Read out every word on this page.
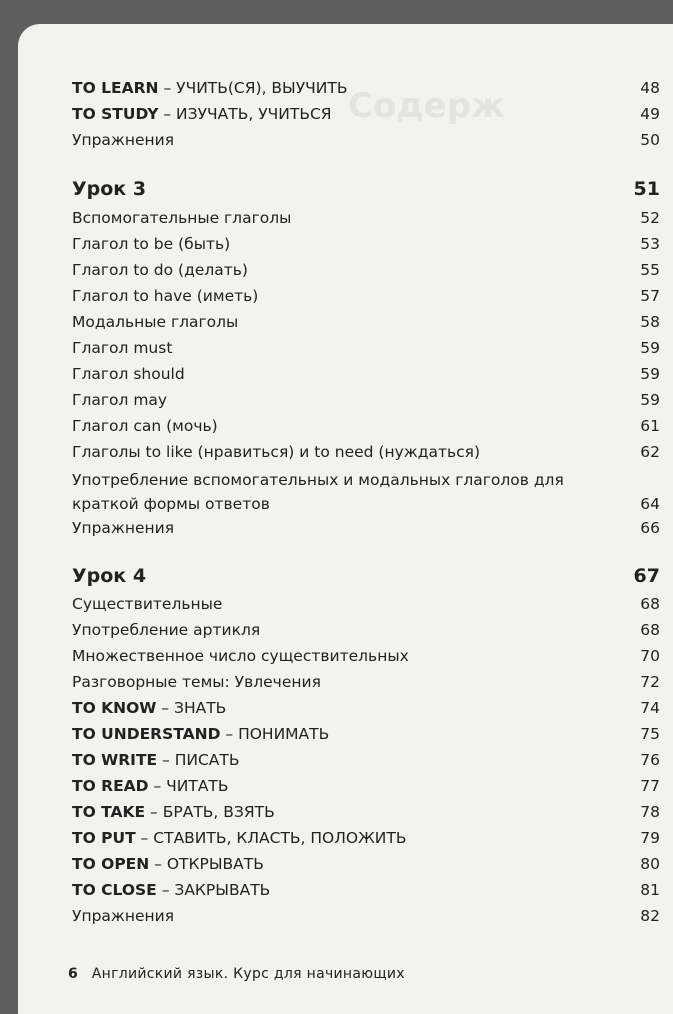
Содерж
TO LEARN – УЧИТЬ(СЯ), ВЫУЧИТЬ	48
TO STUDY – ИЗУЧАТЬ, УЧИТЬСЯ	49
Упражнения	50
Урок 3	51
Вспомогательные глаголы	52
Глагол to be (быть)	53
Глагол to do (делать)	55
Глагол to have (иметь)	57
Модальные глаголы	58
Глагол must	59
Глагол should	59
Глагол may	59
Глагол can (мочь)	61
Глаголы to like (нравиться) и to need (нуждаться)	62
Употребление вспомогательных и модальных глаголов для краткой формы ответов	64
Упражнения	66
Урок 4	67
Существительные	68
Употребление артикля	68
Множественное число существительных	70
Разговорные темы: Увлечения	72
TO KNOW – ЗНАТЬ	74
TO UNDERSTAND – ПОНИМАТЬ	75
TO WRITE – ПИСАТЬ	76
TO READ – ЧИТАТЬ	77
TO TAKE – БРАТЬ, ВЗЯТЬ	78
TO PUT – СТАВИТЬ, КЛАСТЬ, ПОЛОЖИТЬ	79
TO OPEN – ОТКРЫВАТЬ	80
TO CLOSE – ЗАКРЫВАТЬ	81
Упражнения	82
6 Английский язык. Курс для начинающих
